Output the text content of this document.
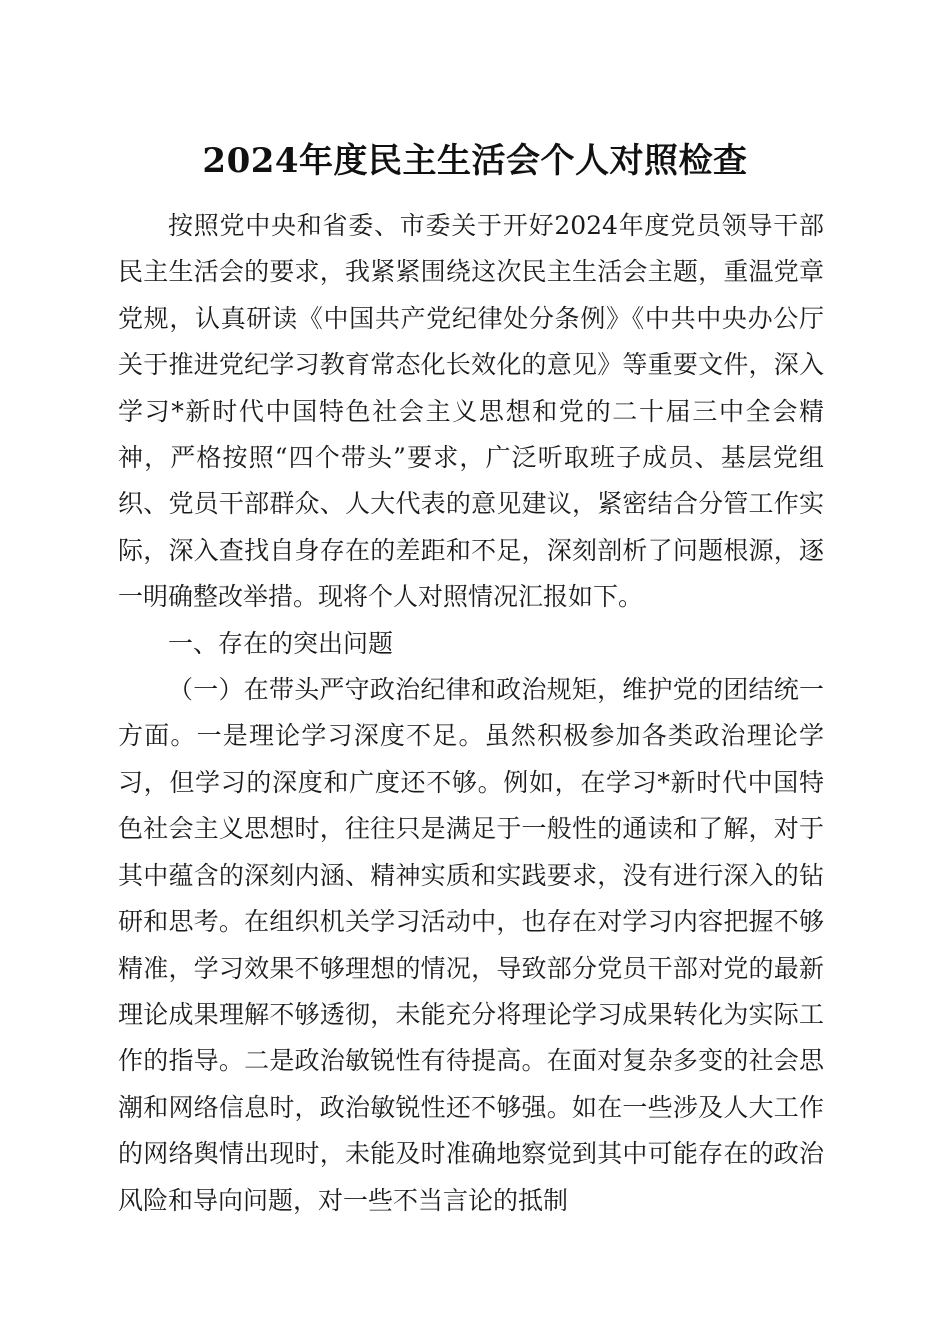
2024年度民主生活会个人对照检查

按照党中央和省委、市委关于开好2024年度党员领导干部民主生活会的要求，我紧紧围绕这次民主生活会主题，重温党章党规，认真研读《中国共产党纪律处分条例》《中共中央办公厅关于推进党纪学习教育常态化长效化的意见》等重要文件，深入学习*新时代中国特色社会主义思想和党的二十届三中全会精神，严格按照“四个带头”要求，广泛听取班子成员、基层党组织、党员干部群众、人大代表的意见建议，紧密结合分管工作实际，深入查找自身存在的差距和不足，深刻剖析了问题根源，逐一明确整改举措。现将个人对照情况汇报如下。

一、存在的突出问题

（一）在带头严守政治纪律和政治规矩，维护党的团结统一方面。一是理论学习深度不足。虽然积极参加各类政治理论学习，但学习的深度和广度还不够。例如，在学习*新时代中国特色社会主义思想时，往往只是满足于一般性的通读和了解，对于其中蕴含的深刻内涵、精神实质和实践要求，没有进行深入的钻研和思考。在组织机关学习活动中，也存在对学习内容把握不够精准，学习效果不够理想的情况，导致部分党员干部对党的最新理论成果理解不够透彻，未能充分将理论学习成果转化为实际工作的指导。二是政治敏锐性有待提高。在面对复杂多变的社会思潮和网络信息时，政治敏锐性还不够强。如在一些涉及人大工作的网络舆情出现时，未能及时准确地察觉到其中可能存在的政治风险和导向问题，对一些不当言论的抵制
